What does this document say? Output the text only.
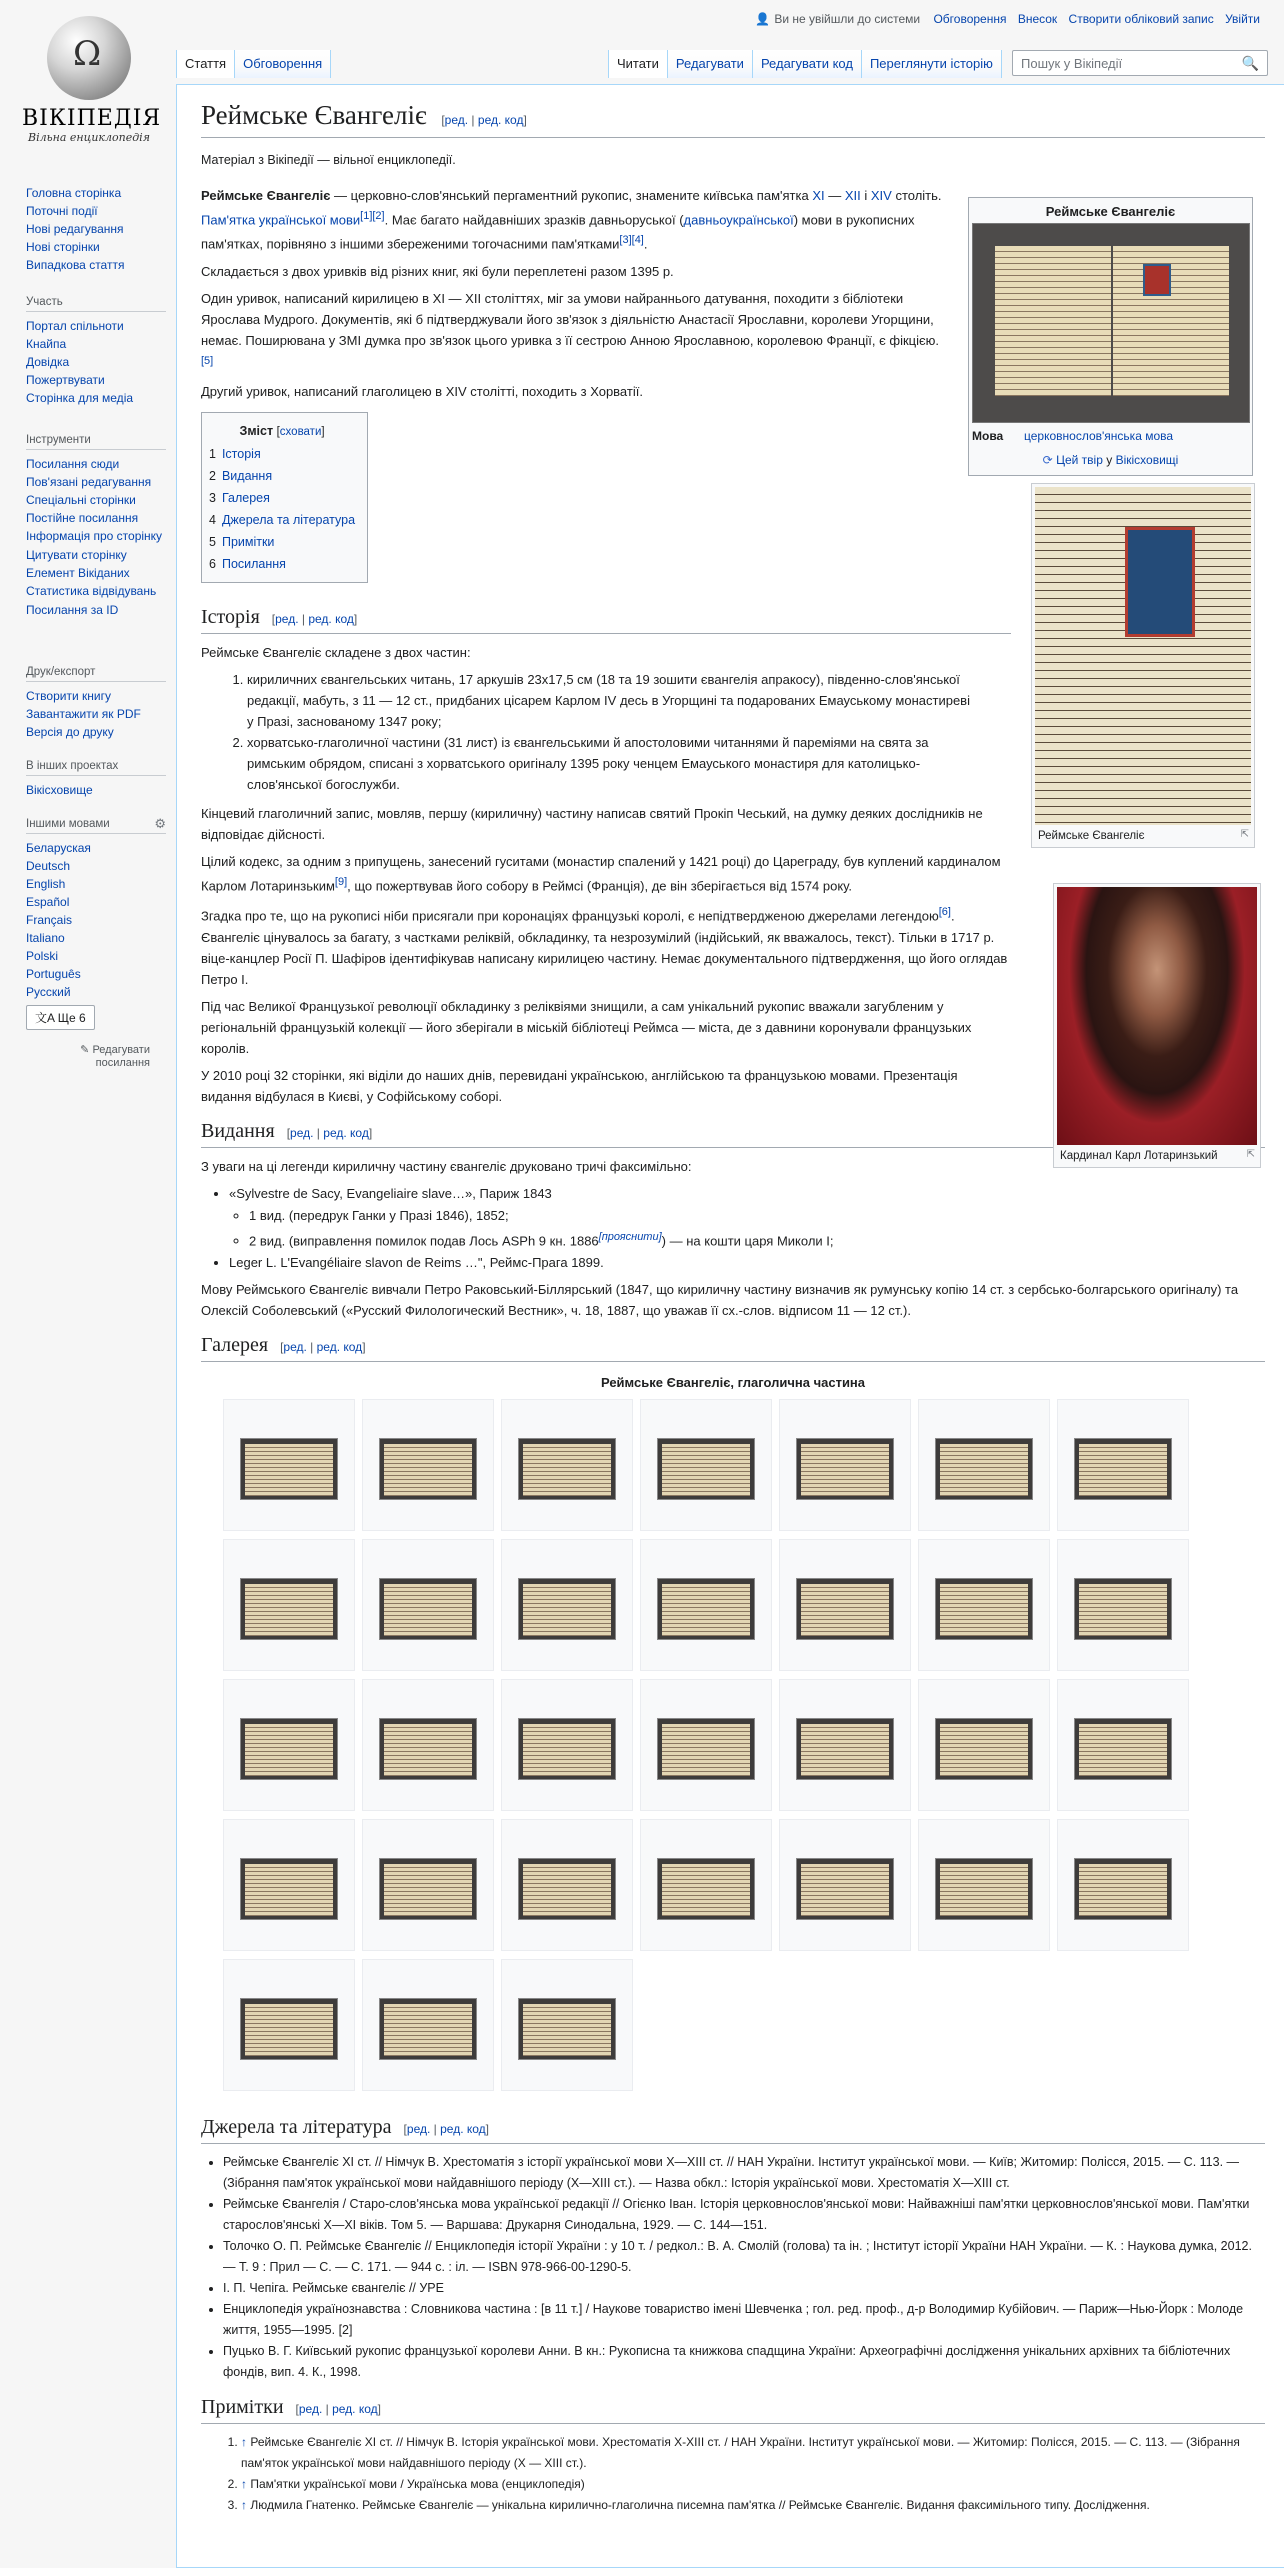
Ω
ВІКІПЕДІЯ
Вільна енциклопедія
Головна сторінка
Поточні події
Нові редагування
Нові сторінки
Випадкова стаття
Участь
Портал спільноти
Кнайпа
Довідка
Пожертвувати
Сторінка для медіа
Інструменти
Посилання сюди
Пов'язані редагування
Спеціальні сторінки
Постійне посилання
Інформація про сторінку
Цитувати сторінку
Елемент Вікіданих
Статистика відвідувань
Посилання за ID
Друк/експорт
Створити книгу
Завантажити як PDF
Версія до друку
В інших проектах
Вікісховище
Іншими мовами	⚙
Беларуская
Deutsch
English
Español
Français
Italiano
Polski
Português
Русский
文A Ще 6
✎ Редагувати посилання
👤 Ви не увійшли до системи Обговорення Внесок Створити обліковий запис Увійти
Стаття	Обговорення	Читати	Редагувати	Редагувати код	Переглянути історію	Пошук у Вікіпедії	🔍
Реймське Євангеліє [ред. | ред. код]
Матеріал з Вікіпедії — вільної енциклопедії.

Реймське Євангеліє — церковно-слов'янський пергаментний рукопис, знамените київська пам'ятка XI — XII і XIV століть. Пам'ятка української мови[1][2]. Має багато найдавніших зразків давньоруської (давньоукраїнської) мови в рукописних пам'ятках, порівняно з іншими збереженими тогочасними пам'ятками[3][4].

Складається з двох уривків від різних книг, які були переплетені разом 1395 р.

Один уривок, написаний кирилицею в XI — XII століттях, міг за умови найраннього датування, походити з бібліотеки Ярослава Мудрого. Документів, які б підтверджували його зв'язок з діяльністю Анастасії Ярославни, королеви Угорщини, немає. Поширювана у ЗМІ думка про зв'язок цього уривка з її сестрою Анною Ярославною, королевою Франції, є фікцією. [5]

Другий уривок, написаний глаголицею в XIV столітті, походить з Хорватії.

Зміст [сховати]
1 Історія
2 Видання
3 Галерея
4 Джерела та література
5 Примітки
6 Посилання
Історія [ред. | ред. код]

Реймське Євангеліє складене з двох частин:

1. кириличних євангельських читань, 17 аркушів 23х17,5 см (18 та 19 зошити євангелія апракосу), південно-слов'янської редакції, мабуть, з 11 — 12 ст., придбаних цісарем Карлом IV десь в Угорщині та подарованих Емауському монастиреві у Празі, заснованому 1347 року;
2. хорватсько-глаголичної частини (31 лист) із євангельськими й апостоловими читаннями й пареміями на свята за римським обрядом, списані з хорватського оригіналу 1395 року ченцем Емауського монастиря для католицько-слов'янської богослужби.

Кінцевий глаголичний запис, мовляв, першу (кириличну) частину написав святий Прокіп Чеський, на думку деяких дослідників не відповідає дійсності.

Цілий кодекс, за одним з припущень, занесений гуситами (монастир спалений у 1421 році) до Цареграду, був куплений кардиналом Карлом Лотаринзьким[9], що пожертвував його собору в Реймсі (Франція), де він зберігається від 1574 року.

Згадка про те, що на рукописі ніби присягали при коронаціях французькі королі, є непідтвердженою джерелами легендою[6]. Євангеліє цінувалось за багату, з частками реліквій, обкладинку, та незрозумілий (індійський, як вважалось, текст). Тільки в 1717 р. віце-канцлер Росії П. Шафіров ідентифікував написану кирилицею частину. Немає документального підтвердження, що його оглядав Петро I.

Під час Великої Французької революції обкладинку з реліквіями знищили, а сам унікальний рукопис вважали загубленим у регіональній французькій колекції — його зберігали в міській бібліотеці Реймса — міста, де з давнини коронували французьких королів.

У 2010 році 32 сторінки, які віділи до наших днів, перевидані українською, англійською та французькою мовами. Презентація видання відбулася в Києві, у Софійському соборі.

Видання [ред. | ред. код]

З уваги на ці легенди кириличну частину євангеліє друковано тричі факсимільно:

• «Sylvestre de Sacy, Evangeliaire slave…», Париж 1843
◦ 1 вид. (передрук Ганки у Празі 1846), 1852;
◦ 2 вид. (виправлення помилок подав Лось ASPh 9 кн. 1886[прояснити]) — на кошти царя Миколи I;
• Leger L. L'Evangéliaire slavon de Reims …", Реймс-Прага 1899.

Мову Реймського Євангеліє вивчали Петро Раковський-Біллярський (1847, що кириличну частину визначив як румунську копію 14 ст. з сербсько-болгарського оригіналу) та Олексій Соболевський («Русский Филологический Вестник», ч. 18, 1887, що уважав її сх.-слов. відписом 11 — 12 ст.).

Галерея [ред. | ред. код]
Реймське Євангеліє, глаголична частина
Джерела та література [ред. | ред. код]
• Реймське Євангеліє XI ст. // Німчук В. Хрестоматія з історії української мови X—XIII ст. // НАН України. Інститут української мови. — Київ; Житомир: Полісся, 2015. — С. 113. — (Зібрання пам'яток української мови найдавнішого періоду (X—XIII ст.). — Назва обкл.: Історія української мови. Хрестоматія X—XIII ст.
• Реймське Євангелія / Старо-слов'янська мова української редакції // Огієнко Іван. Історія церковнослов'янської мови: Найважніші пам'ятки церковнослов'янської мови. Пам'ятки старослов'янські X—XI віків. Том 5. — Варшава: Друкарня Синодальна, 1929. — С. 144—151.
• Толочко О. П. Реймське Євангеліє // Енциклопедія історії України : у 10 т. / редкол.: В. А. Смолій (голова) та ін. ; Інститут історії України НАН України. — К. : Наукова думка, 2012. — Т. 9 : Прил — С. — С. 171. — 944 с. : іл. — ISBN 978-966-00-1290-5.
• І. П. Чепіга. Реймське євангеліє // УРЕ
• Енциклопедія українознавства : Словникова частина : [в 11 т.] / Наукове товариство імені Шевченка ; гол. ред. проф., д-р Володимир Кубійович. — Париж—Нью-Йорк : Молоде життя, 1955—1995. [2]
• Пуцько В. Г. Київський рукопис французької королеви Анни. В кн.: Рукописна та книжкова спадщина України: Археографічні дослідження унікальних архівних та бібліотечних фондів, вип. 4. К., 1998.
Примітки [ред. | ред. код]
1. ↑ Реймське Євангеліє XI ст. // Німчук В. Історія української мови. Хрестоматія X-XIII ст. / НАН України. Інститут української мови. — Житомир: Полісся, 2015. — С. 113. — (Зібрання пам'яток української мови найдавнішого періоду (X — XIII ст.).
2. ↑ Пам'ятки української мови / Українська мова (енциклопедія)
3. ↑ Людмила Гнатенко. Реймське Євангеліє — унікальна кирилично-глаголична писемна пам'ятка // Реймське Євангеліє. Видання факсимільного типу. Дослідження.
Реймське Євангеліє
Мова	церковнослов'янська мова
⟳ Цей твір у Вікісховищі
Реймське Євангеліє	⇱
Кардинал Карл Лотаринзький	⇱
